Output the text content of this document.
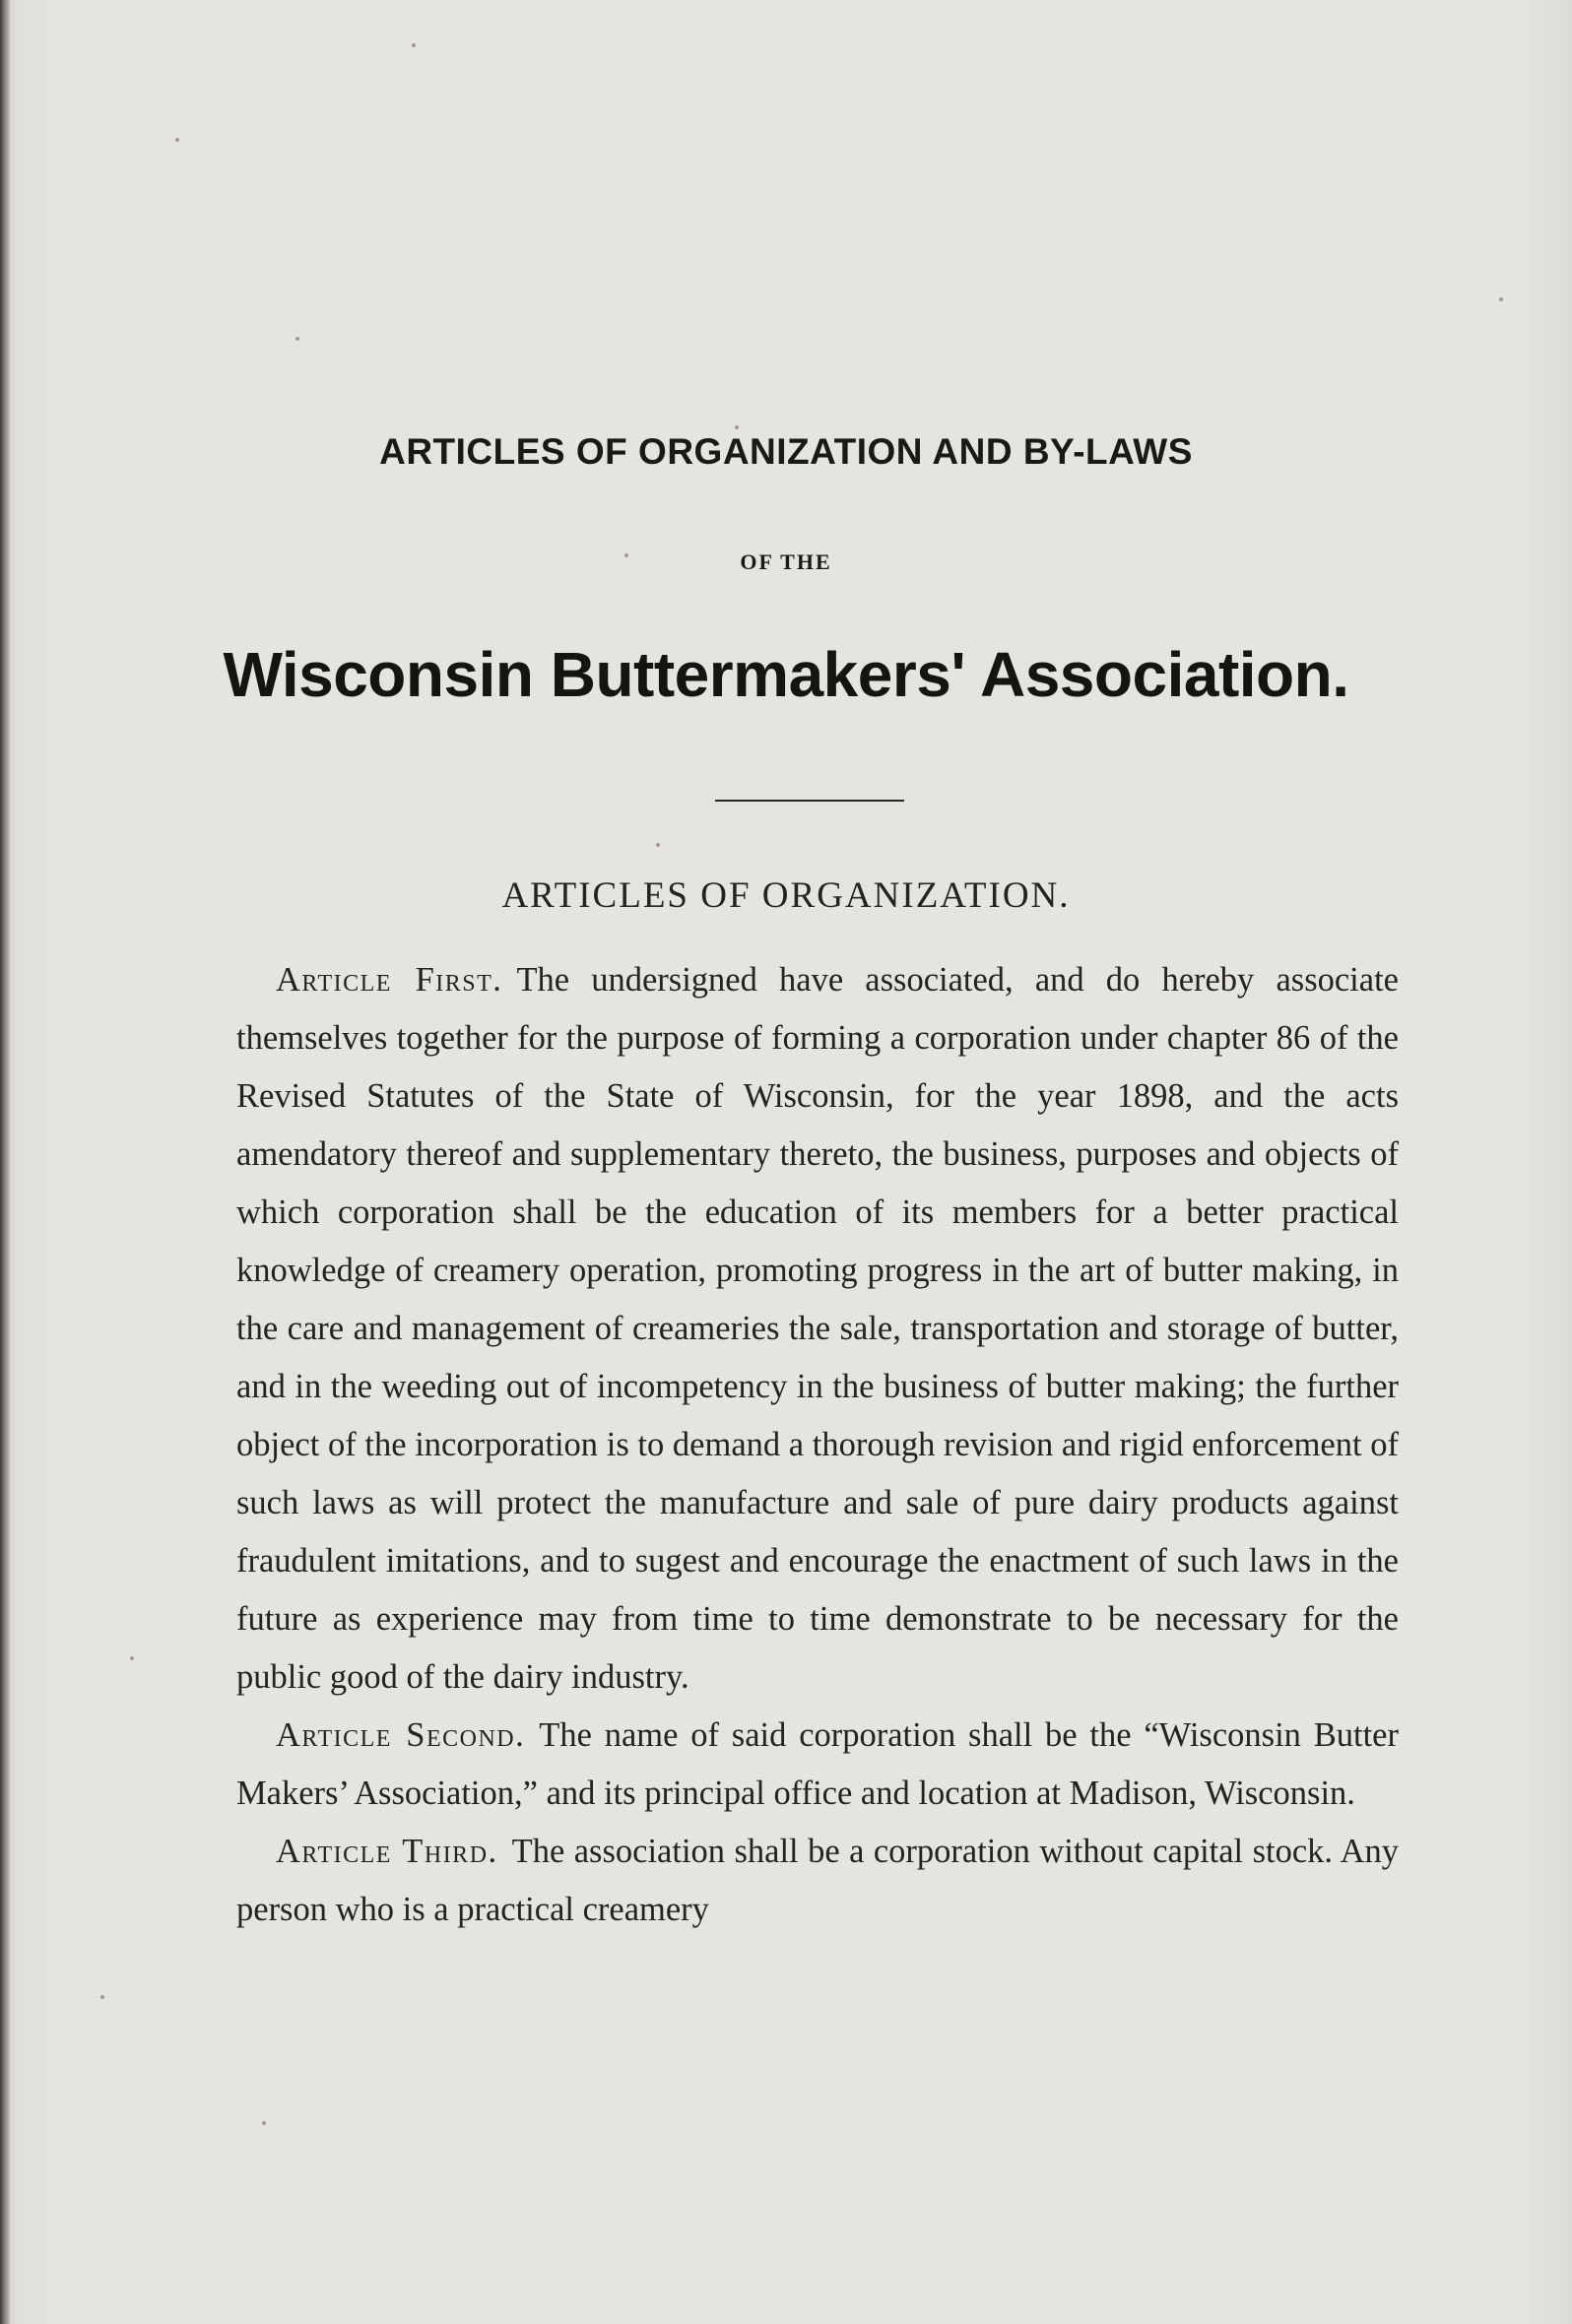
ARTICLES OF ORGANIZATION AND BY-LAWS
OF THE
Wisconsin Buttermakers' Association.
ARTICLES OF ORGANIZATION.

Article First. The undersigned have associated, and do hereby associate themselves together for the purpose of forming a corporation under chapter 86 of the Revised Statutes of the State of Wisconsin, for the year 1898, and the acts amendatory thereof and supplementary thereto, the business, purposes and objects of which corporation shall be the education of its members for a better practical knowledge of creamery operation, promoting progress in the art of butter making, in the care and management of creameries the sale, transportation and storage of butter, and in the weeding out of incompetency in the business of butter making; the further object of the incorporation is to demand a thorough revision and rigid enforcement of such laws as will protect the manufacture and sale of pure dairy products against fraudulent imitations, and to sugest and encourage the enactment of such laws in the future as experience may from time to time demonstrate to be necessary for the public good of the dairy industry.

Article Second. The name of said corporation shall be the “Wisconsin Butter Makers’ Association,” and its principal office and location at Madison, Wisconsin.

Article Third. The association shall be a corporation without capital stock. Any person who is a practical creamery
